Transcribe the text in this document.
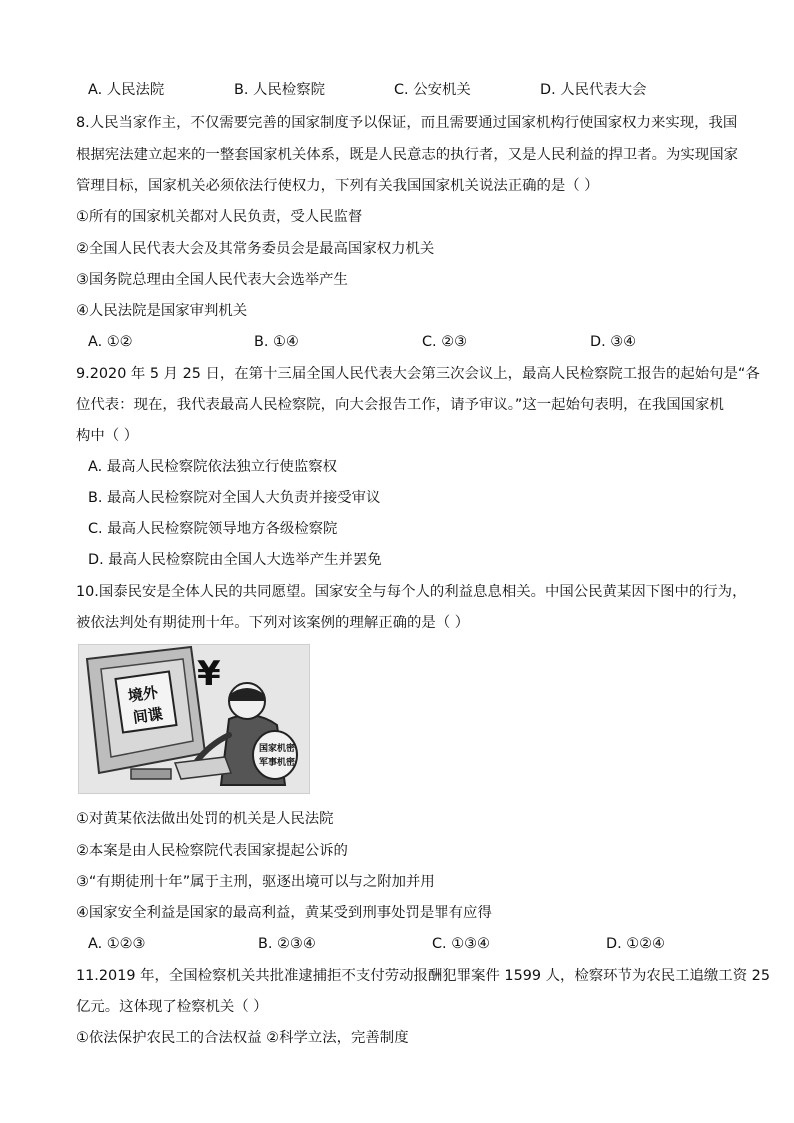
A. 人民法院	B. 人民检察院	C. 公安机关	D. 人民代表大会
8.人民当家作主，不仅需要完善的国家制度予以保证，而且需要通过国家机构行使国家权力来实现，我国
根据宪法建立起来的一整套国家机关体系，既是人民意志的执行者，又是人民利益的捍卫者。为实现国家
管理目标，国家机关必须依法行使权力，下列有关我国国家机关说法正确的是（ ）
①所有的国家机关都对人民负责，受人民监督
②全国人民代表大会及其常务委员会是最高国家权力机关
③国务院总理由全国人民代表大会选举产生
④人民法院是国家审判机关
A. ①②	B. ①④	C. ②③	D. ③④
9.2020 年 5 月 25 日，在第十三届全国人民代表大会第三次会议上，最高人民检察院工报告的起始句是“各
位代表：现在，我代表最高人民检察院，向大会报告工作，请予审议。”这一起始句表明，在我国国家机
构中（ ）
A. 最高人民检察院依法独立行使监察权
B. 最高人民检察院对全国人大负责并接受审议
C. 最高人民检察院领导地方各级检察院
D. 最高人民检察院由全国人大选举产生并罢免
10.国泰民安是全体人民的共同愿望。国家安全与每个人的利益息息相关。中国公民黄某因下图中的行为，
被依法判处有期徒刑十年。下列对该案例的理解正确的是（ ）
境外
间谍
¥
国家机密
军事机密
①对黄某依法做出处罚的机关是人民法院
②本案是由人民检察院代表国家提起公诉的
③“有期徒刑十年”属于主刑，驱逐出境可以与之附加并用
④国家安全利益是国家的最高利益，黄某受到刑事处罚是罪有应得
A. ①②③	B. ②③④	C. ①③④	D. ①②④
11.2019 年，全国检察机关共批准逮捕拒不支付劳动报酬犯罪案件 1599 人，检察环节为农民工追缴工资 25
亿元。这体现了检察机关（ ）
①依法保护农民工的合法权益 ②科学立法，完善制度
